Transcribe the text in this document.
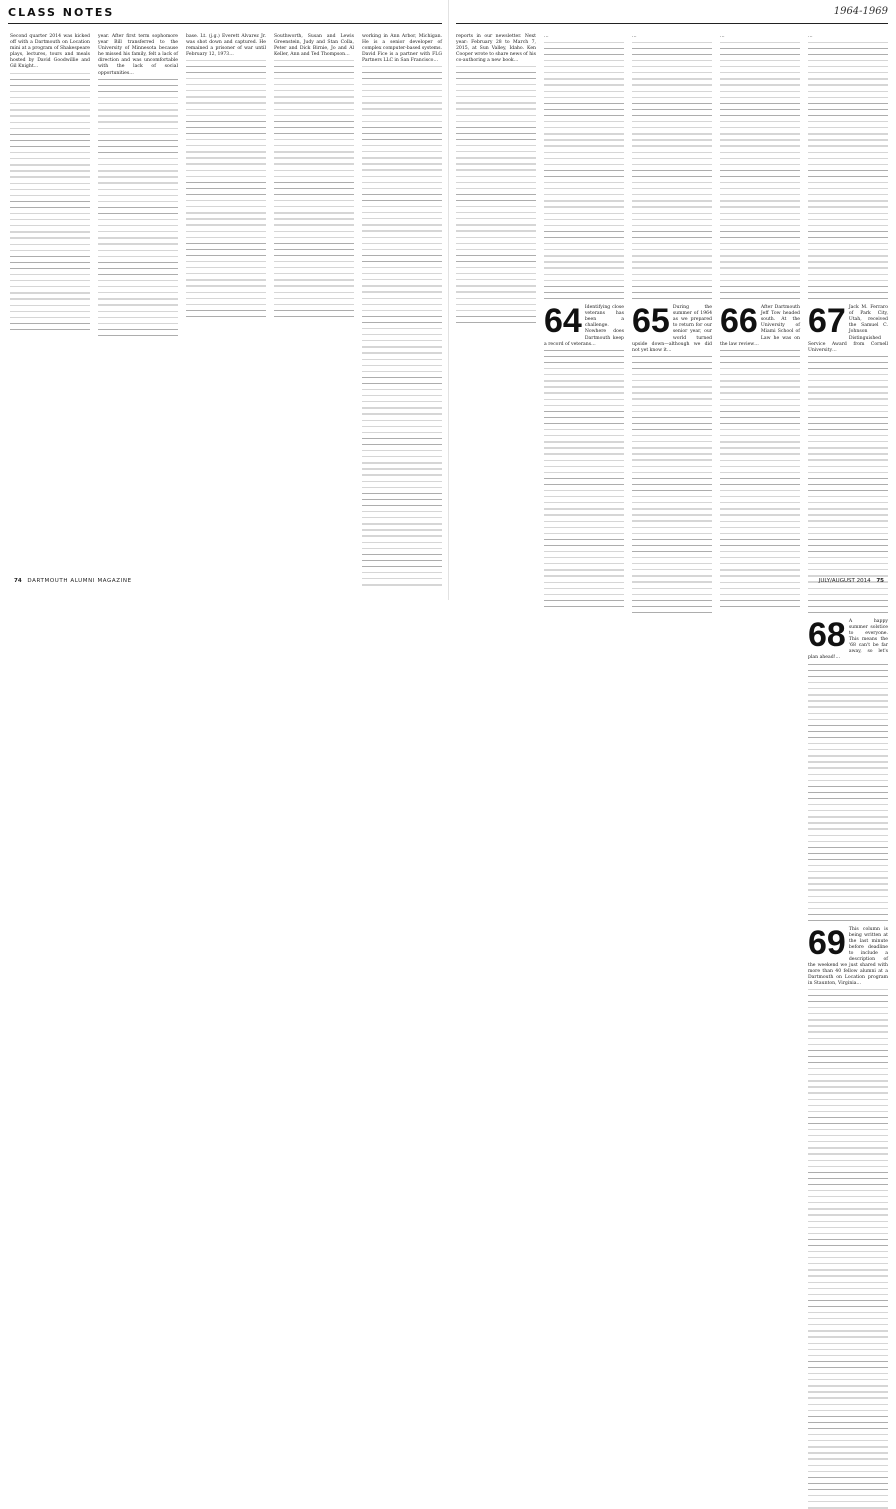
CLASS NOTES	1964-1969

Second quarter 2014 was kicked off with a Dartmouth on Location mini at a program of Shakespeare plays, lectures, tours and meals hosted by David Goodwillie and Gil Knight…

year. After first term sophomore year Bill transferred to the University of Minnesota because he missed his family, felt a lack of direction and was uncomfortable with the lack of social opportunities…

base. Lt. (j.g.) Everett Alvarez Jr. was shot down and captured. He remained a prisoner of war until February 12, 1973…

Southworth, Susan and Lewis Greenstein, Judy and Stan Colla, Peter and Dick Birnie, Jo and Al Keller, Ann and Ted Thompson…

working in Ann Arbor, Michigan. He is a senior developer of complex computer-based systems. David Fice is a partner with FLG Partners LLC in San Francisco…

reports in our newsletter. Next year: February 28 to March 7, 2015, at Sun Valley, Idaho. Ken Cooper wrote to share news of his co-authoring a new book…

…

64 Identifying close veterans has been a challenge. Nowhere does Dartmouth keep a record of veterans…

…

65 During the summer of 1964 as we prepared to return for our senior year, our world turned upside down—although we did not yet know it…

…

66 After Dartmouth Jeff Tow headed south. At the University of Miami School of Law he was on the law review…

…

67 Jack M. Ferraro of Park City, Utah, received the Samuel C. Johnson Distinguished Service Award from Cornell University…

68 A happy summer solstice to everyone. This means the '68 can't be far away, so let's plan ahead!…

69 This column is being written at the last minute before deadline to include a description of the weekend we just shared with more than 40 fellow alumni at a Dartmouth on Location program in Staunton, Virginia…

74 DARTMOUTH ALUMNI MAGAZINE	JULY/AUGUST 2014 75
